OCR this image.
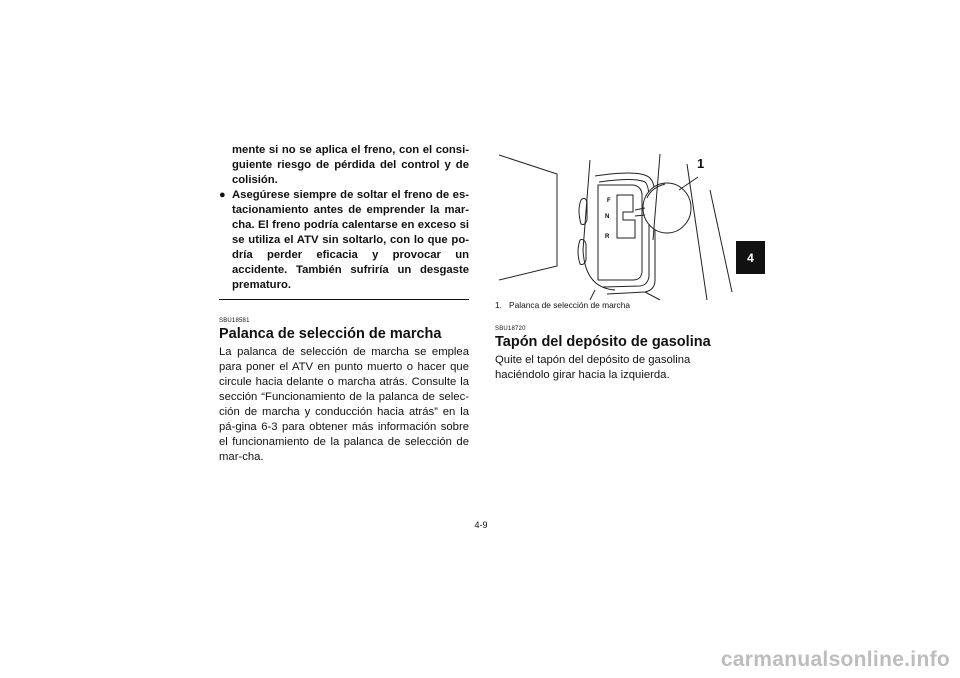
mente si no se aplica el freno, con el consi-guiente riesgo de pérdida del control y de colisión.

● Asegúrese siempre de soltar el freno de es-tacionamiento antes de emprender la mar-cha. El freno podría calentarse en exceso si se utiliza el ATV sin soltarlo, con lo que po-dría perder eficacia y provocar un accidente. También sufriría un desgaste prematuro.

SBU18581

Palanca de selección de marcha

La palanca de selección de marcha se emplea para poner el ATV en punto muerto o hacer que circule hacia delante o marcha atrás. Consulte la sección “Funcionamiento de la palanca de selec-ción de marcha y conducción hacia atrás” en la pá-gina 6-3 para obtener más información sobre el funcionamiento de la palanca de selección de mar-cha.

F
N
R
1

1. Palanca de selección de marcha

SBU18720

Tapón del depósito de gasolina

Quite el tapón del depósito de gasolina haciéndolo girar hacia la izquierda.

4
4-9
carmanualsonline.info
